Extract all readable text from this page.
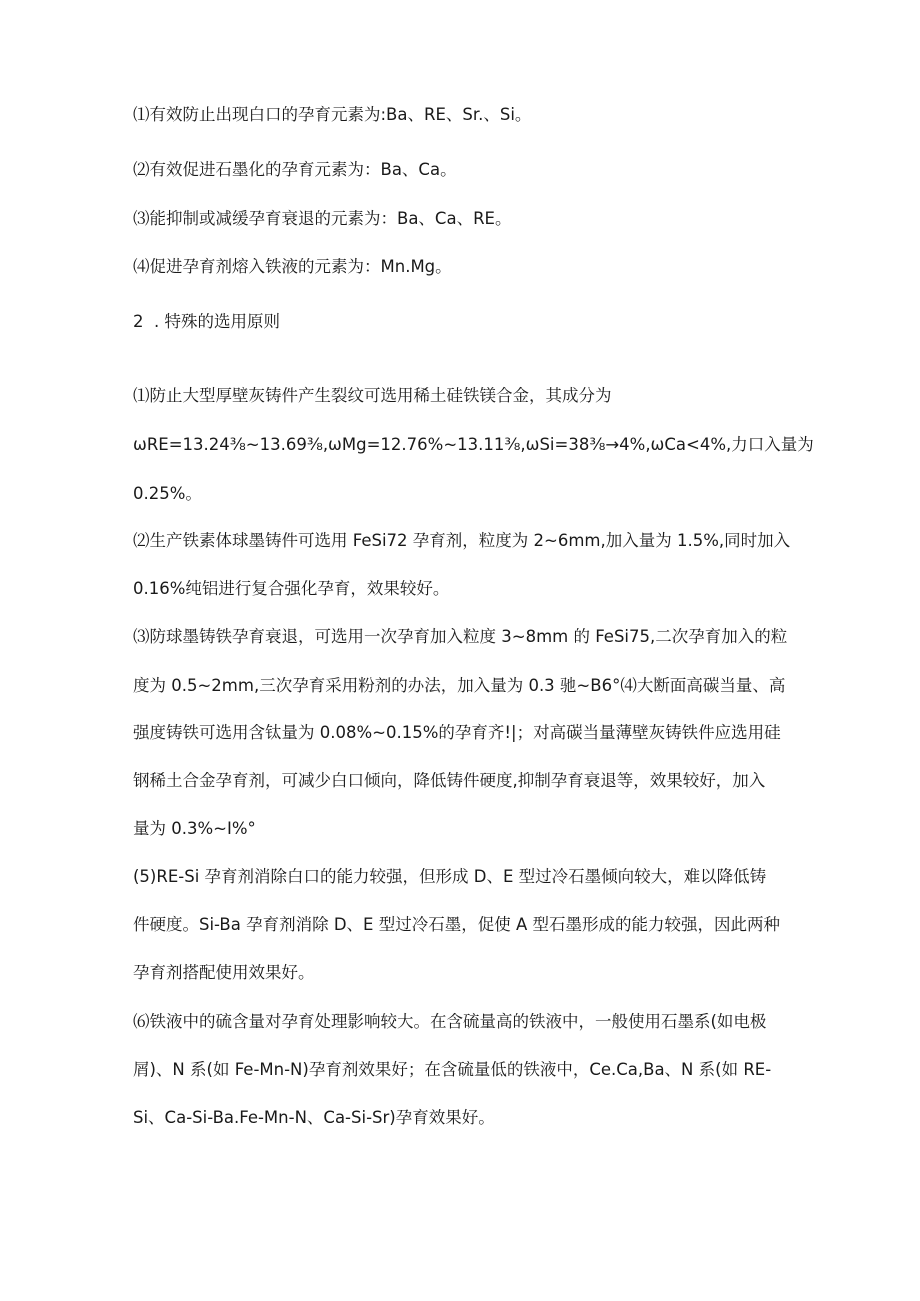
⑴有效防止出现白口的孕育元素为:Ba、RE、Sr.、Si。
⑵有效促进石墨化的孕育元素为：Ba、Ca。
⑶能抑制或减缓孕育衰退的元素为：Ba、Ca、RE。
⑷促进孕育剂熔入铁液的元素为：Mn.Mg。
2  . 特殊的选用原则
⑴防止大型厚壁灰铸件产生裂纹可选用稀土硅铁镁合金，其成分为
ωRE=13.24⅜~13.69⅜,ωMg=12.76%~13.11⅜,ωSi=38⅜→4%,ωCa<4%,力口入量为
0.25%。
⑵生产铁素体球墨铸件可选用 FeSi72 孕育剂，粒度为 2~6mm,加入量为 1.5%,同时加入
0.16%纯铝进行复合强化孕育，效果较好。
⑶防球墨铸铁孕育衰退，可选用一次孕育加入粒度 3~8mm 的 FeSi75,二次孕育加入的粒
度为 0.5~2mm,三次孕育采用粉剂的办法，加入量为 0.3 驰~B6°⑷大断面高碳当量、高
强度铸铁可选用含钛量为 0.08%~0.15%的孕育齐!|；对高碳当量薄壁灰铸铁件应选用硅
钢稀土合金孕育剂，可减少白口倾向，降低铸件硬度,抑制孕育衰退等，效果较好，加入
量为 0.3%~I%°
(5)RE-Si 孕育剂消除白口的能力较强，但形成 D、E 型过冷石墨倾向较大，难以降低铸
件硬度。Si-Ba 孕育剂消除 D、E 型过冷石墨，促使 A 型石墨形成的能力较强，因此两种
孕育剂搭配使用效果好。
⑹铁液中的硫含量对孕育处理影响较大。在含硫量高的铁液中，一般使用石墨系(如电极
屑)、N 系(如 Fe-Mn-N)孕育剂效果好；在含硫量低的铁液中，Ce.Ca,Ba、N 系(如 RE-
Si、Ca-Si-Ba.Fe-Mn-N、Ca-Si-Sr)孕育效果好。
